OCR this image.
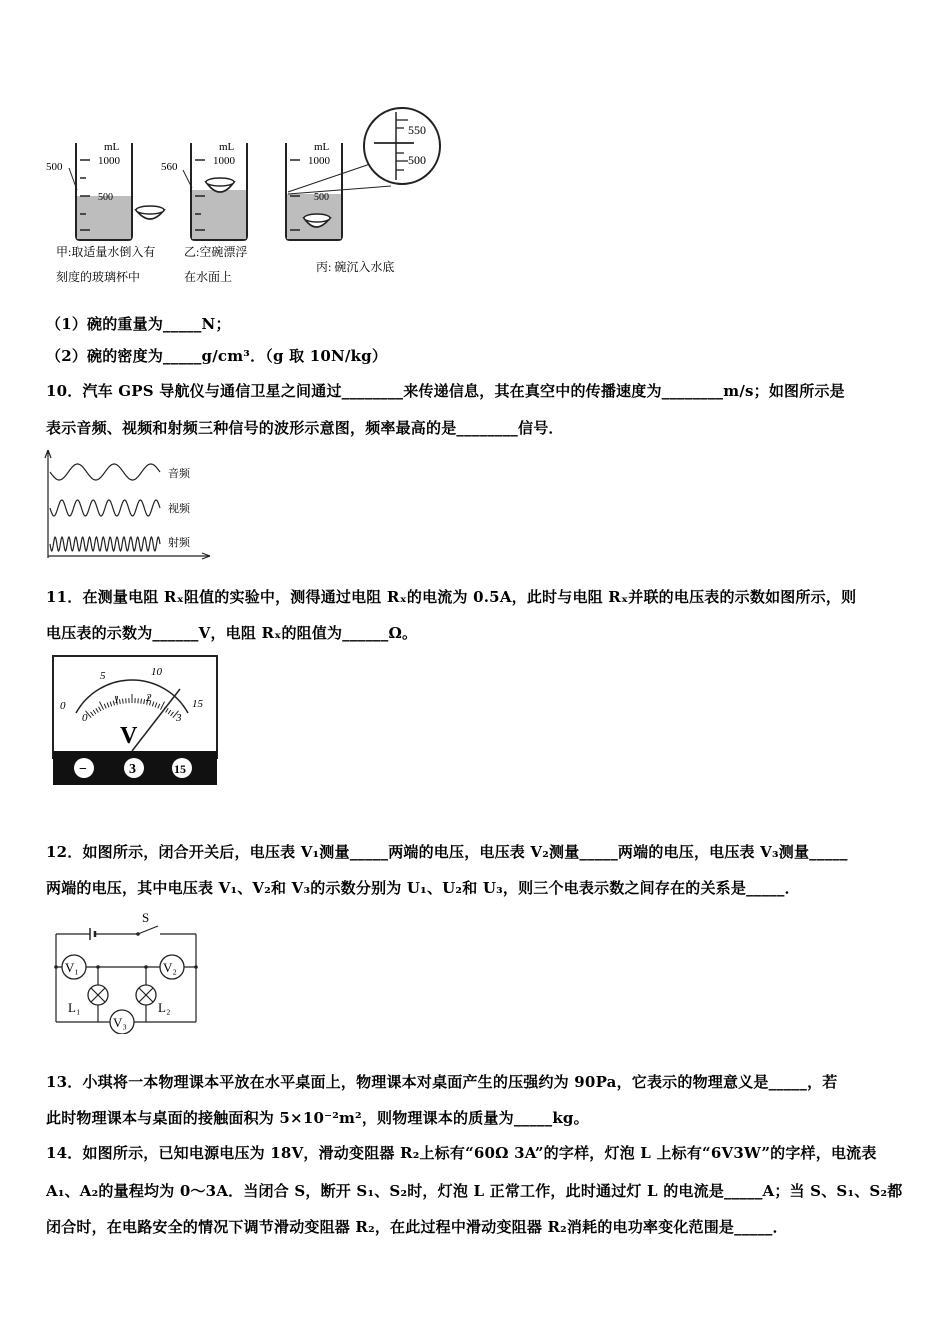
mL
1000
500
500
甲:取适量水倒入有
刻度的玻璃杯中
mL
1000
560
乙:空碗漂浮
在水面上
mL
1000
500
550
500
丙: 碗沉入水底
（1）碗的重量为_____N；
（2）碗的密度为_____g/cm³．（g 取 10N/kg）
10．汽车 GPS 导航仪与通信卫星之间通过________来传递信息，其在真空中的传播速度为________m/s；如图所示是
表示音频、视频和射频三种信号的波形示意图，频率最高的是________信号．
音频
视频
射频
11．在测量电阻 Rₓ阻值的实验中，测得通过电阻 Rₓ的电流为 0.5A，此时与电阻 Rₓ并联的电压表的示数如图所示，则
电压表的示数为______V，电阻 Rₓ的阻值为______Ω。
0
5	10
15
0
1 2
3
V
−	3	15
12．如图所示，闭合开关后，电压表 V₁测量_____两端的电压，电压表 V₂测量_____两端的电压，电压表 V₃测量_____
两端的电压，其中电压表 V₁、V₂和 V₃的示数分别为 U₁、U₂和 U₃，则三个电表示数之间存在的关系是_____．
S
V₁	V₂
L₁	L₂
V₃
13．小琪将一本物理课本平放在水平桌面上，物理课本对桌面产生的压强约为 90Pa，它表示的物理意义是_____，若
此时物理课本与桌面的接触面积为 5×10⁻²m²，则物理课本的质量为_____kg。
14．如图所示，已知电源电压为 18V，滑动变阻器 R₂上标有“60Ω 3A”的字样，灯泡 L 上标有“6V3W”的字样，电流表
A₁、A₂的量程均为 0～3A．当闭合 S，断开 S₁、S₂时，灯泡 L 正常工作，此时通过灯 L 的电流是_____A；当 S、S₁、S₂都
闭合时，在电路安全的情况下调节滑动变阻器 R₂，在此过程中滑动变阻器 R₂消耗的电功率变化范围是_____．
